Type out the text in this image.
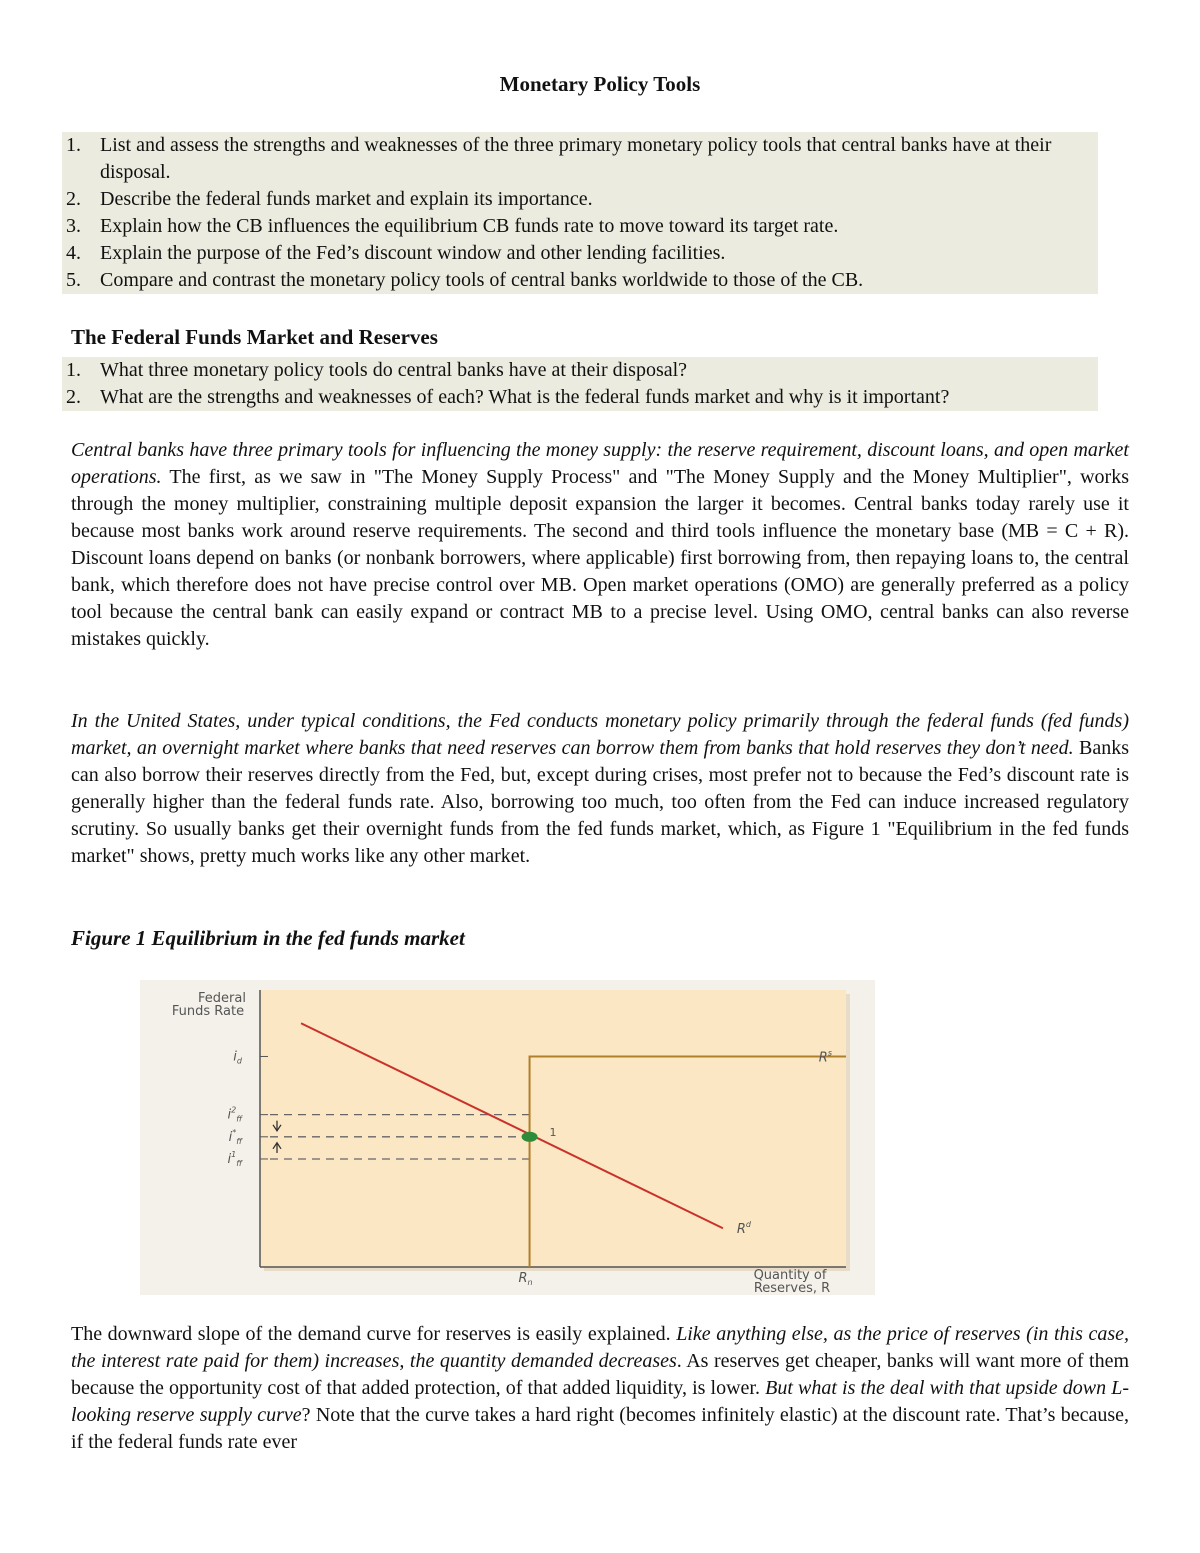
Monetary Policy Tools
1. List and assess the strengths and weaknesses of the three primary monetary policy tools that central banks have at their disposal.
2. Describe the federal funds market and explain its importance.
3. Explain how the CB influences the equilibrium CB funds rate to move toward its target rate.
4. Explain the purpose of the Fed’s discount window and other lending facilities.
5. Compare and contrast the monetary policy tools of central banks worldwide to those of the CB.
The Federal Funds Market and Reserves
1. What three monetary policy tools do central banks have at their disposal?
2. What are the strengths and weaknesses of each? What is the federal funds market and why is it important?

Central banks have three primary tools for influencing the money supply: the reserve requirement, discount loans, and open market operations. The first, as we saw in "The Money Supply Process" and "The Money Supply and the Money Multiplier", works through the money multiplier, constraining multiple deposit expansion the larger it becomes. Central banks today rarely use it because most banks work around reserve requirements. The second and third tools influence the monetary base (MB = C + R). Discount loans depend on banks (or nonbank borrowers, where applicable) first borrowing from, then repaying loans to, the central bank, which therefore does not have precise control over MB. Open market operations (OMO) are generally preferred as a policy tool because the central bank can easily expand or contract MB to a precise level. Using OMO, central banks can also reverse mistakes quickly.

In the United States, under typical conditions, the Fed conducts monetary policy primarily through the federal funds (fed funds) market, an overnight market where banks that need reserves can borrow them from banks that hold reserves they don’t need. Banks can also borrow their reserves directly from the Fed, but, except during crises, most prefer not to because the Fed’s discount rate is generally higher than the federal funds rate. Also, borrowing too much, too often from the Fed can induce increased regulatory scrutiny. So usually banks get their overnight funds from the fed funds market, which, as Figure 1 "Equilibrium in the fed funds market" shows, pretty much works like any other market.

Figure 1 Equilibrium in the fed funds market
Federal
Funds Rate
Quantity of
Reserves, R
$i_d$
$i^2_{ff}$
$i^*_{ff}$
$i^1_{ff}$
$R_n$
$R^d$
$R^s$
1

The downward slope of the demand curve for reserves is easily explained. Like anything else, as the price of reserves (in this case, the interest rate paid for them) increases, the quantity demanded decreases. As reserves get cheaper, banks will want more of them because the opportunity cost of that added protection, of that added liquidity, is lower. But what is the deal with that upside down L-looking reserve supply curve? Note that the curve takes a hard right (becomes infinitely elastic) at the discount rate. That’s because, if the federal funds rate ever
